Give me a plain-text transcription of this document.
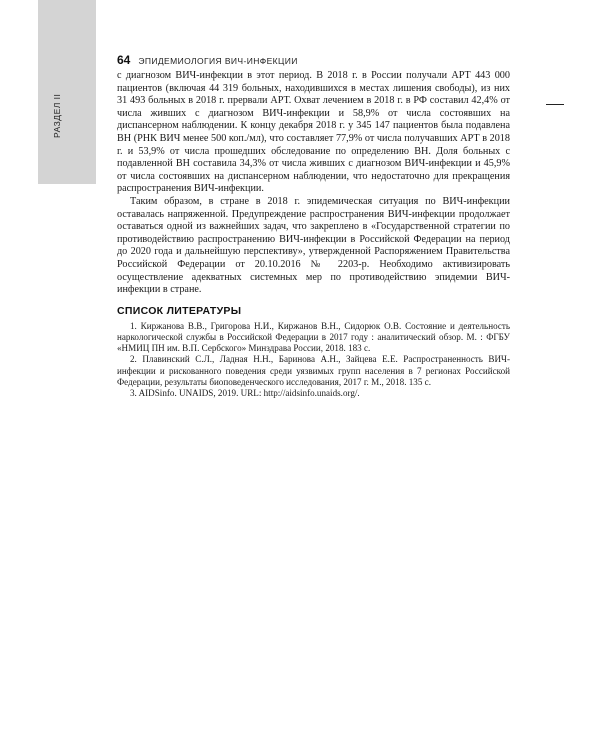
РАЗДЕЛ II
64 ЭПИДЕМИОЛОГИЯ ВИЧ-ИНФЕКЦИИ

с диагнозом ВИЧ-инфекции в этот период. В 2018 г. в России получали АРТ 443 000 пациентов (включая 44 319 больных, находившихся в местах лишения свободы), из них 31 493 больных в 2018 г. прервали АРТ. Охват лечением в 2018 г. в РФ составил 42,4% от числа живших с диагнозом ВИЧ-инфекции и 58,9% от числа состоявших на диспансерном наблюдении. К концу декабря 2018 г. у 345 147 пациентов была подавлена ВН (РНК ВИЧ менее 500 коп./мл), что составляет 77,9% от числа получавших АРТ в 2018 г. и 53,9% от числа прошедших обследование по определению ВН. Доля больных с подавленной ВН составила 34,3% от числа живших с диагнозом ВИЧ-инфекции и 45,9% от числа состоявших на диспансерном наблюдении, что недостаточно для прекращения распространения ВИЧ-инфекции.

Таким образом, в стране в 2018 г. эпидемическая ситуация по ВИЧ-инфекции оставалась напряженной. Предупреждение распространения ВИЧ-инфекции продолжает оставаться одной из важнейших задач, что закреплено в «Государственной стратегии по противодействию распространению ВИЧ-инфекции в Российской Федерации на период до 2020 года и дальнейшую перспективу», утвержденной Распоряжением Правительства Российской Федерации от 20.10.2016 № 2203-р. Необходимо активизировать осуществление адекватных системных мер по противодействию эпидемии ВИЧ-инфекции в стране.

СПИСОК ЛИТЕРАТУРЫ
1. Киржанова В.В., Григорова Н.И., Киржанов В.Н., Сидорюк О.В. Состояние и деятельность наркологической службы в Российской Федерации в 2017 году : аналитический обзор. М. : ФГБУ «НМИЦ ПН им. В.П. Сербского» Минздрава России, 2018. 183 с.
2. Плавинский С.Л., Ладная Н.Н., Баринова А.Н., Зайцева Е.Е. Распространенность ВИЧ-инфекции и рискованного поведения среди уязвимых групп населения в 7 регионах Российской Федерации, результаты биоповеденческого исследования, 2017 г. М., 2018. 135 с.
3. AIDSinfo. UNAIDS, 2019. URL: http://aidsinfo.unaids.org/.
